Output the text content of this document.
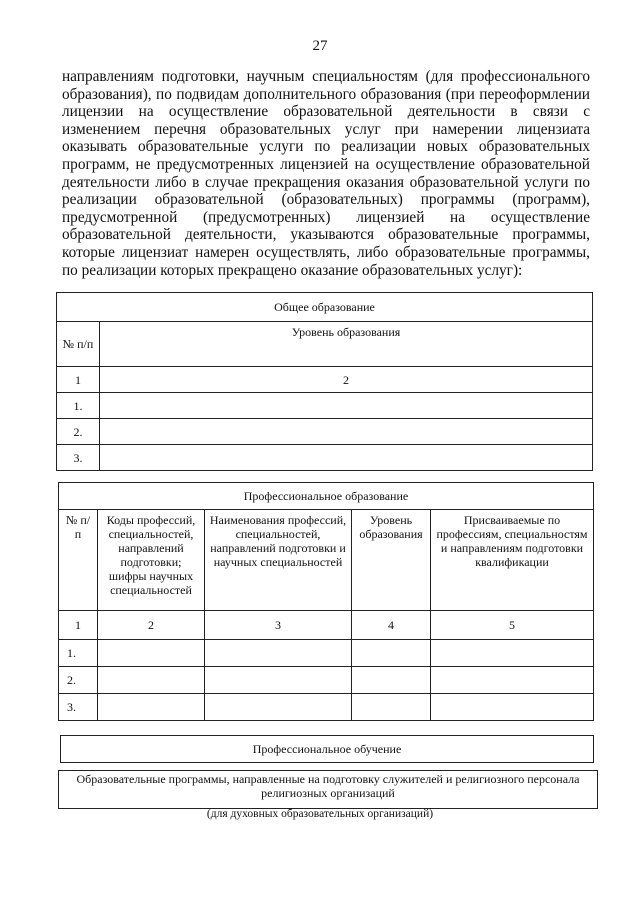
27

направлениям подготовки, научным специальностям (для профессионального образования), по подвидам дополнительного образования (при переоформлении лицензии на осуществление образовательной деятельности в связи с изменением перечня образовательных услуг при намерении лицензиата оказывать образовательные услуги по реализации новых образовательных программ, не предусмотренных лицензией на осуществление образовательной деятельности либо в случае прекращения оказания образовательной услуги по реализации образовательной (образовательных) программы (программ), предусмотренной (предусмотренных) лицензией на осуществление образовательной деятельности, указываются образовательные программы, которые лицензиат намерен осуществлять, либо образовательные программы, по реализации которых прекращено оказание образовательных услуг):

Общее образование	
№ п/п	Уровень образования
1	2
1.	
2.	
3.	
Профессиональное образование				
№ п/п	Коды профессий, специальностей, направлений подготовки; шифры научных специальностей	Наименования профессий, специальностей, направлений подготовки и научных специальностей	Уровень образования	Присваиваемые по профессиям, специальностям и направлениям подготовки квалификации
1	2	3	4	5
1.				
2.				
3.				
Профессиональное обучение
Образовательные программы, направленные на подготовку служителей и религиозного персонала религиозных организаций
(для духовных образовательных организаций)
